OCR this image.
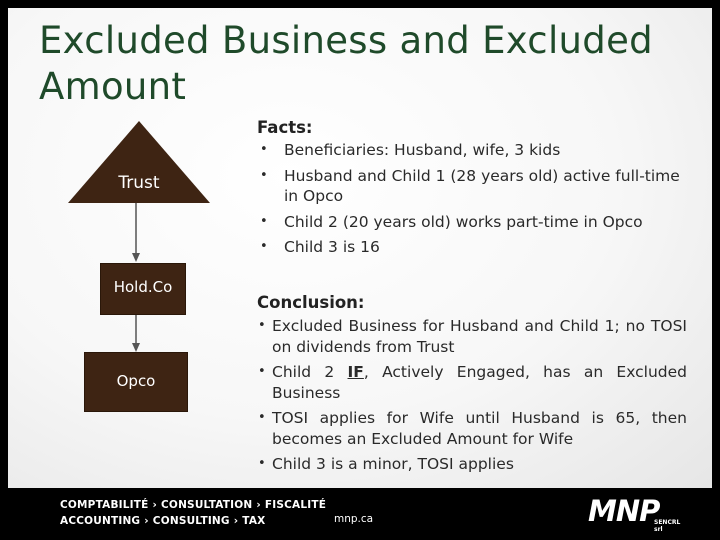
Excluded Business and Excluded Amount
Trust
Hold.Co
Opco

Facts:

• Beneficiaries: Husband, wife, 3 kids
• Husband and Child 1 (28 years old) active full-time in Opco
• Child 2 (20 years old) works part-time in Opco
• Child 3 is 16

Conclusion:

• Excluded Business for Husband and Child 1; no TOSI on dividends from Trust
• Child 2 IF, Actively Engaged, has an Excluded Business
• TOSI applies for Wife until Husband is 65, then becomes an Excluded Amount for Wife
• Child 3 is a minor, TOSI applies
COMPTABILITÉ › CONSULTATION › FISCALITÉ
ACCOUNTING › CONSULTING › TAX	mnp.ca	MNP
SENCRL srl
